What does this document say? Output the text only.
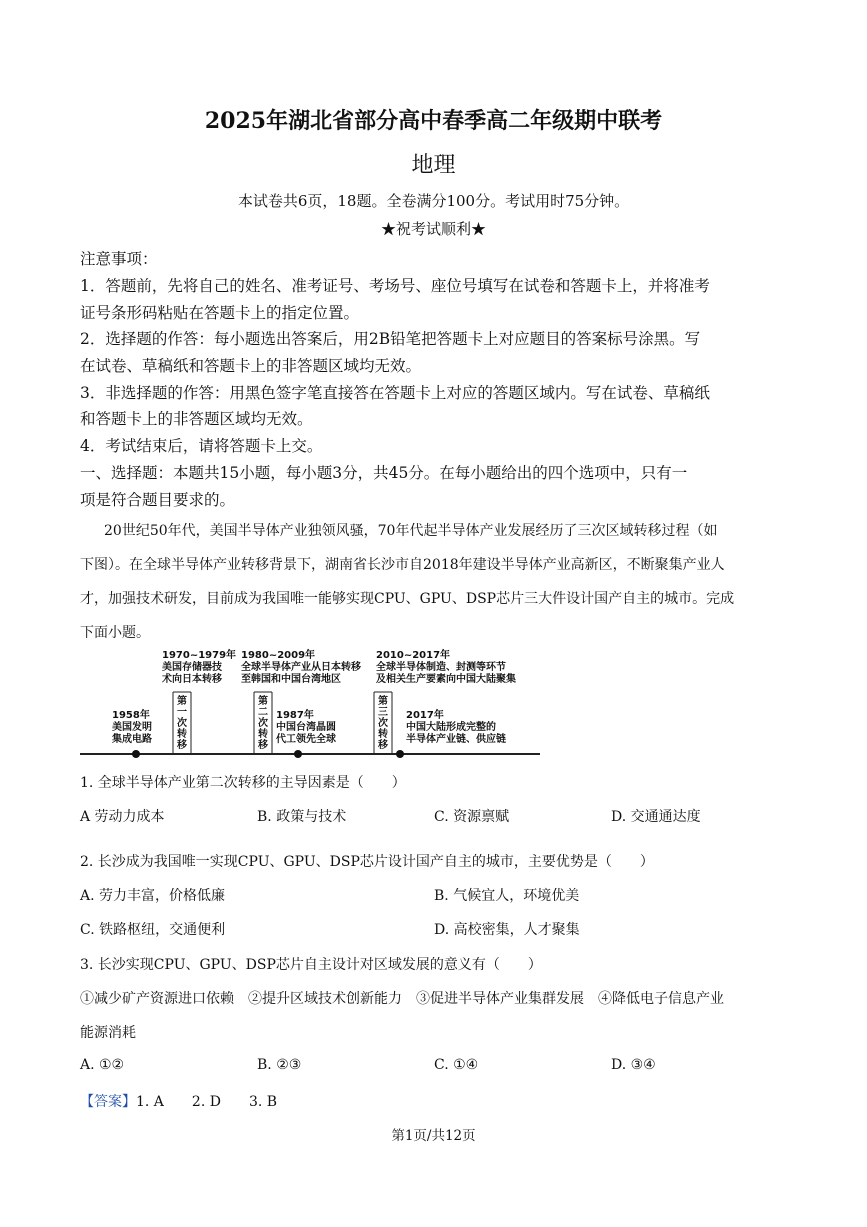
2025年湖北省部分高中春季高二年级期中联考
地理
本试卷共6页，18题。全卷满分100分。考试用时75分钟。
★祝考试顺利★
注意事项：
1．答题前，先将自己的姓名、准考证号、考场号、座位号填写在试卷和答题卡上，并将准考
证号条形码粘贴在答题卡上的指定位置。
2．选择题的作答：每小题选出答案后，用2B铅笔把答题卡上对应题目的答案标号涂黑。写
在试卷、草稿纸和答题卡上的非答题区域均无效。
3．非选择题的作答：用黑色签字笔直接答在答题卡上对应的答题区域内。写在试卷、草稿纸
和答题卡上的非答题区域均无效。
4．考试结束后，请将答题卡上交。
一、选择题：本题共15小题，每小题3分，共45分。在每小题给出的四个选项中，只有一
项是符合题目要求的。
20世纪50年代，美国半导体产业独领风骚，70年代起半导体产业发展经历了三次区域转移过程（如
下图）。在全球半导体产业转移背景下，湖南省长沙市自2018年建设半导体产业高新区，不断聚集产业人
才，加强技术研发，目前成为我国唯一能够实现CPU、GPU、DSP芯片三大件设计国产自主的城市。完成
下面小题。
1970~1979年
美国存储器技
术向日本转移
1980~2009年
全球半导体产业从日本转移
至韩国和中国台湾地区
2010~2017年
全球半导体制造、封测等环节
及相关生产要素向中国大陆聚集
1958年
美国发明
集成电路
1987年
中国台湾晶圆
代工领先全球
2017年
中国大陆形成完整的
半导体产业链、供应链
第
一
次
转
移
第
二
次
转
移
第
三
次
转
移
1. 全球半导体产业第二次转移的主导因素是（　　）
A 劳动力成本	B. 政策与技术	C. 资源禀赋	D. 交通通达度
2. 长沙成为我国唯一实现CPU、GPU、DSP芯片设计国产自主的城市，主要优势是（　　）
A. 劳力丰富，价格低廉	B. 气候宜人，环境优美
C. 铁路枢纽，交通便利	D. 高校密集，人才聚集
3. 长沙实现CPU、GPU、DSP芯片自主设计对区域发展的意义有（　　）
①减少矿产资源进口依赖　②提升区域技术创新能力　③促进半导体产业集群发展　④降低电子信息产业
能源消耗
A. ①②	B. ②③	C. ①④	D. ③④
【答案】1. A　　2. D　　3. B
第1页/共12页
